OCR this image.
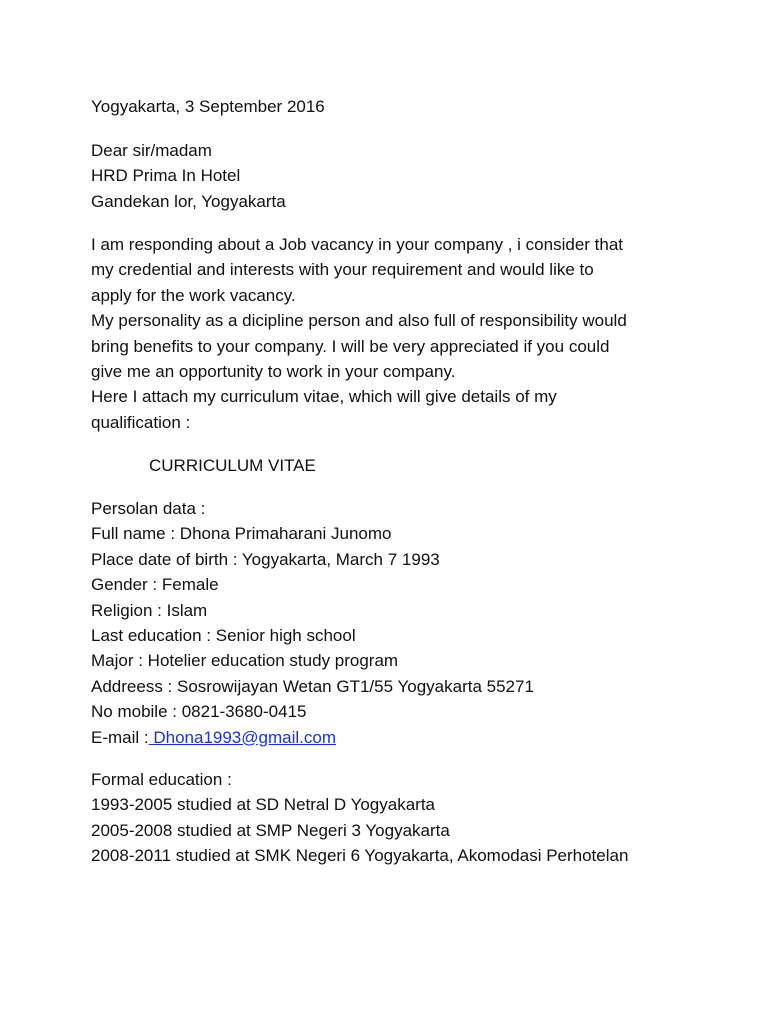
Yogyakarta, 3 September 2016
Dear sir/madam
HRD Prima In Hotel
Gandekan lor, Yogyakarta
I am responding about a Job vacancy in your company , i consider that
my credential and interests with your requirement and would like to
apply for the work vacancy.
My personality as a dicipline person and also full of responsibility would
bring benefits to your company. I will be very appreciated if you could
give me an opportunity to work in your company.
Here I attach my curriculum vitae, which will give details of my
qualification :
CURRICULUM VITAE
Persolan data :
Full name : Dhona Primaharani Junomo
Place date of birth : Yogyakarta, March 7 1993
Gender : Female
Religion : Islam
Last education : Senior high school
Major : Hotelier education study program
Addreess : Sosrowijayan Wetan GT1/55 Yogyakarta 55271
No mobile : 0821-3680-0415
E-mail : Dhona1993@gmail.com
Formal education :
1993-2005 studied at SD Netral D Yogyakarta
2005-2008 studied at SMP Negeri 3 Yogyakarta
2008-2011 studied at SMK Negeri 6 Yogyakarta, Akomodasi Perhotelan
